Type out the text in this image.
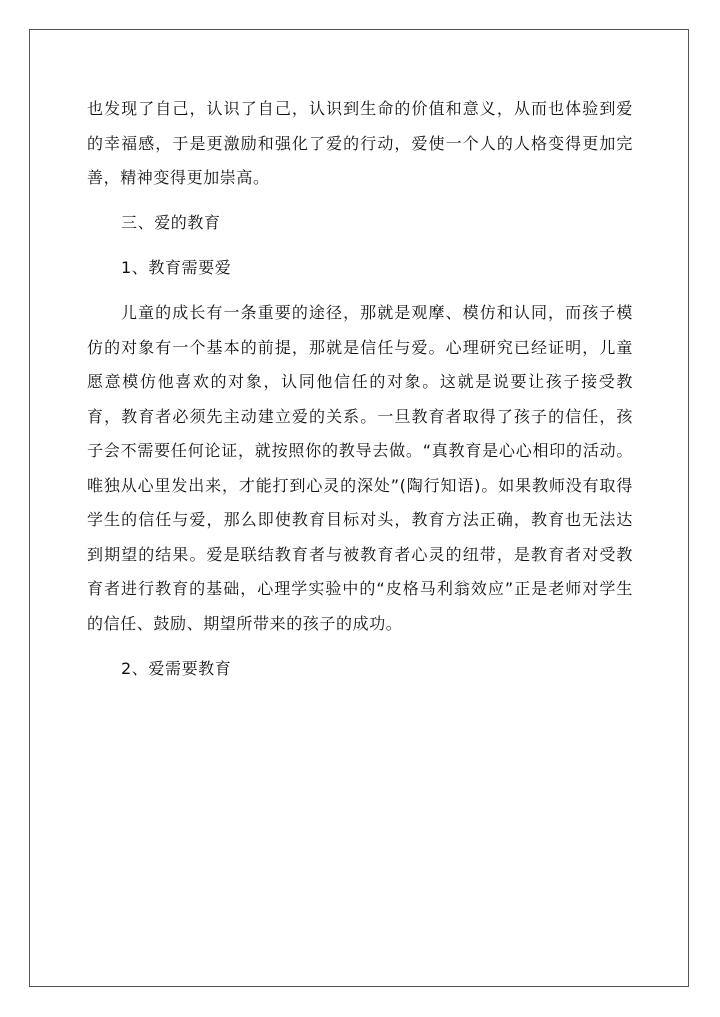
也发现了自己，认识了自己，认识到生命的价值和意义，从而也体验到爱的幸福感，于是更激励和强化了爱的行动，爱使一个人的人格变得更加完善，精神变得更加崇高。

三、爱的教育

1、教育需要爱

儿童的成长有一条重要的途径，那就是观摩、模仿和认同，而孩子模仿的对象有一个基本的前提，那就是信任与爱。心理研究已经证明，儿童愿意模仿他喜欢的对象，认同他信任的对象。这就是说要让孩子接受教育，教育者必须先主动建立爱的关系。一旦教育者取得了孩子的信任，孩子会不需要任何论证，就按照你的教导去做。“真教育是心心相印的活动。唯独从心里发出来，才能打到心灵的深处”(陶行知语)。如果教师没有取得学生的信任与爱，那么即使教育目标对头，教育方法正确，教育也无法达到期望的结果。爱是联结教育者与被教育者心灵的纽带，是教育者对受教育者进行教育的基础，心理学实验中的“皮格马利翁效应”正是老师对学生的信任、鼓励、期望所带来的孩子的成功。

2、爱需要教育
